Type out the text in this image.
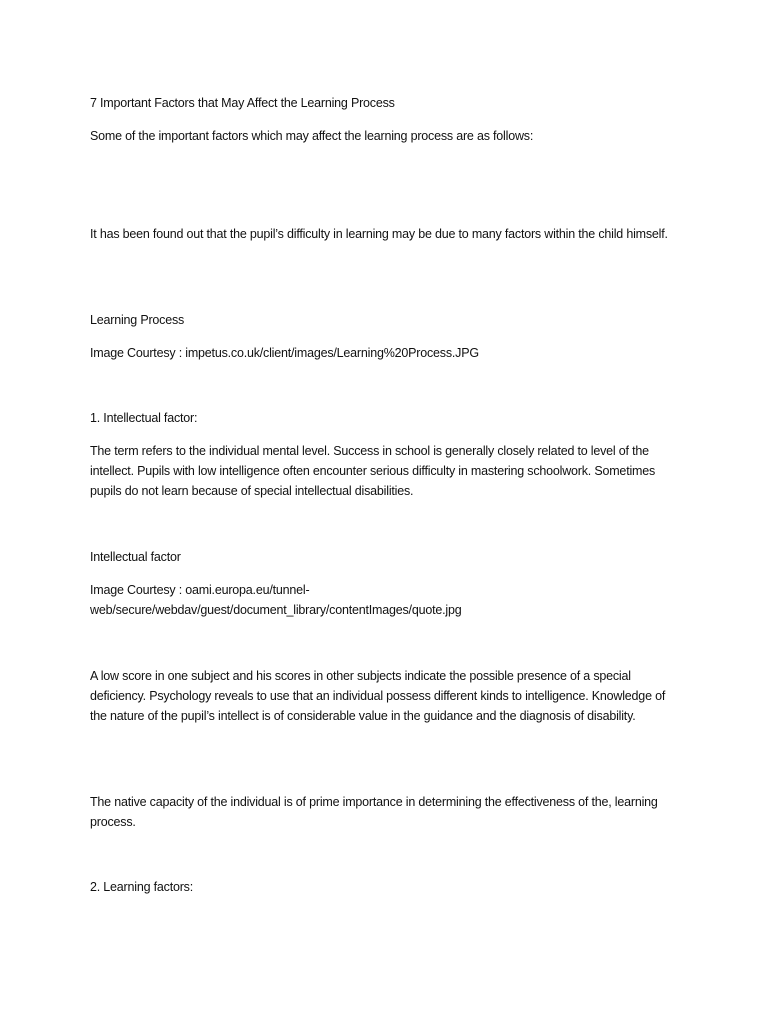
7 Important Factors that May Affect the Learning Process

Some of the important factors which may affect the learning process are as follows:

It has been found out that the pupil’s difficulty in learning may be due to many factors within the child himself.

Learning Process

Image Courtesy : impetus.co.uk/client/images/Learning%20Process.JPG

1. Intellectual factor:

The term refers to the individual mental level. Success in school is generally closely related to level of the intellect. Pupils with low intelligence often encounter serious difficulty in mastering schoolwork. Sometimes pupils do not learn because of special intellectual disabilities.

Intellectual factor

Image Courtesy : oami.europa.eu/tunnel-

web/secure/webdav/guest/document_library/contentImages/quote.jpg

A low score in one subject and his scores in other subjects indicate the possible presence of a special deficiency. Psychology reveals to use that an individual possess different kinds to intelligence. Knowledge of the nature of the pupil’s intellect is of considerable value in the guidance and the diagnosis of disability.

The native capacity of the individual is of prime importance in determining the effectiveness of the, learning process.

2. Learning factors:
